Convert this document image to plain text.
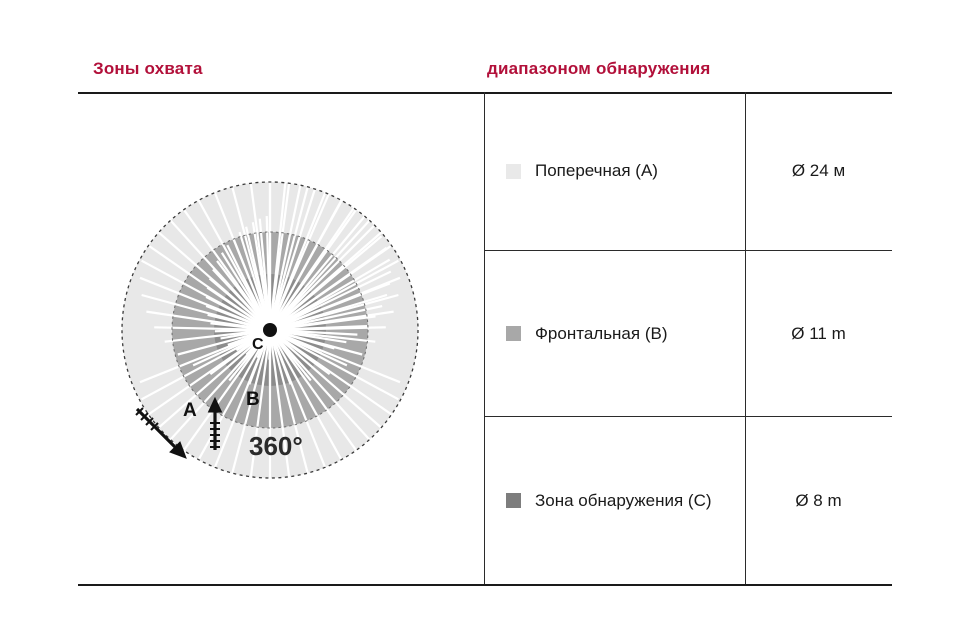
Зоны охвата	диапазоном обнаружения
A
B
C
360°
Поперечная (A)	Ø 24 м
Фронтальная (B)	Ø 11 m
Зона обнаружения (C)	Ø 8 m
